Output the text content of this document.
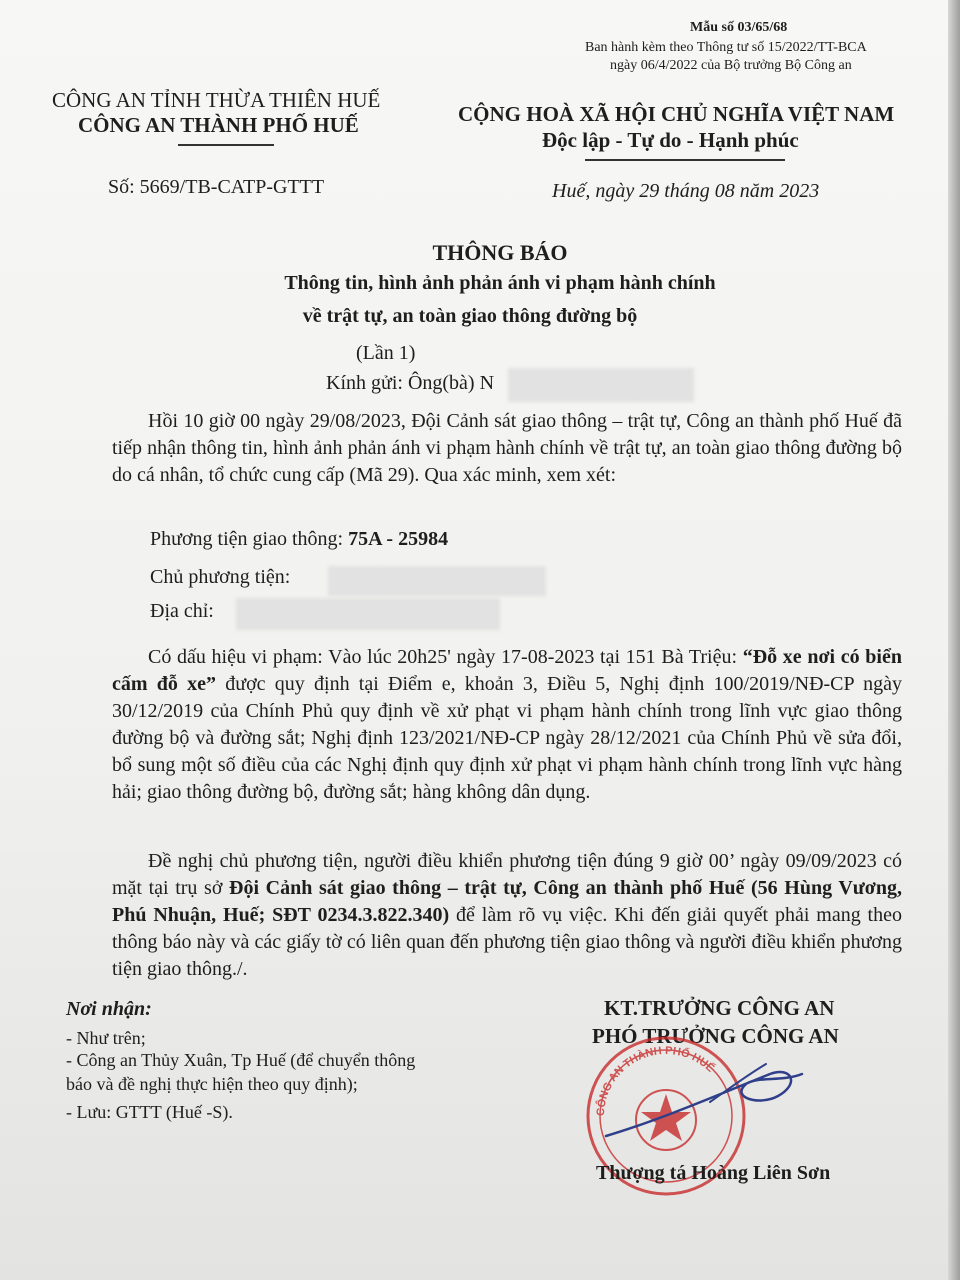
Mẫu số 03/65/68
Ban hành kèm theo Thông tư số 15/2022/TT-BCA
ngày 06/4/2022 của Bộ trưởng Bộ Công an
CÔNG AN TỈNH THỪA THIÊN HUẾ
CÔNG AN THÀNH PHỐ HUẾ
Số: 5669/TB-CATP-GTTT
CỘNG HOÀ XÃ HỘI CHỦ NGHĨA VIỆT NAM
Độc lập - Tự do - Hạnh phúc
Huế, ngày 29 tháng 08 năm 2023
THÔNG BÁO
Thông tin, hình ảnh phản ánh vi phạm hành chính
về trật tự, an toàn giao thông đường bộ
(Lần 1)
Kính gửi: Ông(bà) N

Hồi 10 giờ 00 ngày 29/08/2023, Đội Cảnh sát giao thông – trật tự, Công an thành phố Huế đã tiếp nhận thông tin, hình ảnh phản ánh vi phạm hành chính về trật tự, an toàn giao thông đường bộ do cá nhân, tổ chức cung cấp (Mã 29). Qua xác minh, xem xét:

Phương tiện giao thông: 75A - 25984
Chủ phương tiện:
Địa chỉ:

Có dấu hiệu vi phạm: Vào lúc 20h25' ngày 17-08-2023 tại 151 Bà Triệu: “Đỗ xe nơi có biển cấm đỗ xe” được quy định tại Điểm e, khoản 3, Điều 5, Nghị định 100/2019/NĐ-CP ngày 30/12/2019 của Chính Phủ quy định về xử phạt vi phạm hành chính trong lĩnh vực giao thông đường bộ và đường sắt; Nghị định 123/2021/NĐ-CP ngày 28/12/2021 của Chính Phủ về sửa đổi, bổ sung một số điều của các Nghị định quy định xử phạt vi phạm hành chính trong lĩnh vực hàng hải; giao thông đường bộ, đường sắt; hàng không dân dụng.

Đề nghị chủ phương tiện, người điều khiển phương tiện đúng 9 giờ 00’ ngày 09/09/2023 có mặt tại trụ sở Đội Cảnh sát giao thông – trật tự, Công an thành phố Huế (56 Hùng Vương, Phú Nhuận, Huế; SĐT 0234.3.822.340) để làm rõ vụ việc. Khi đến giải quyết phải mang theo thông báo này và các giấy tờ có liên quan đến phương tiện giao thông và người điều khiển phương tiện giao thông./.

Nơi nhận:
- Như trên;
- Công an Thủy Xuân, Tp Huế (để chuyển thông
báo và đề nghị thực hiện theo quy định);
- Lưu: GTTT (Huế -S).
KT.TRƯỞNG CÔNG AN
PHÓ TRƯỞNG CÔNG AN
CÔNG AN THÀNH PHỐ HUẾ
Thượng tá Hoàng Liên Sơn
